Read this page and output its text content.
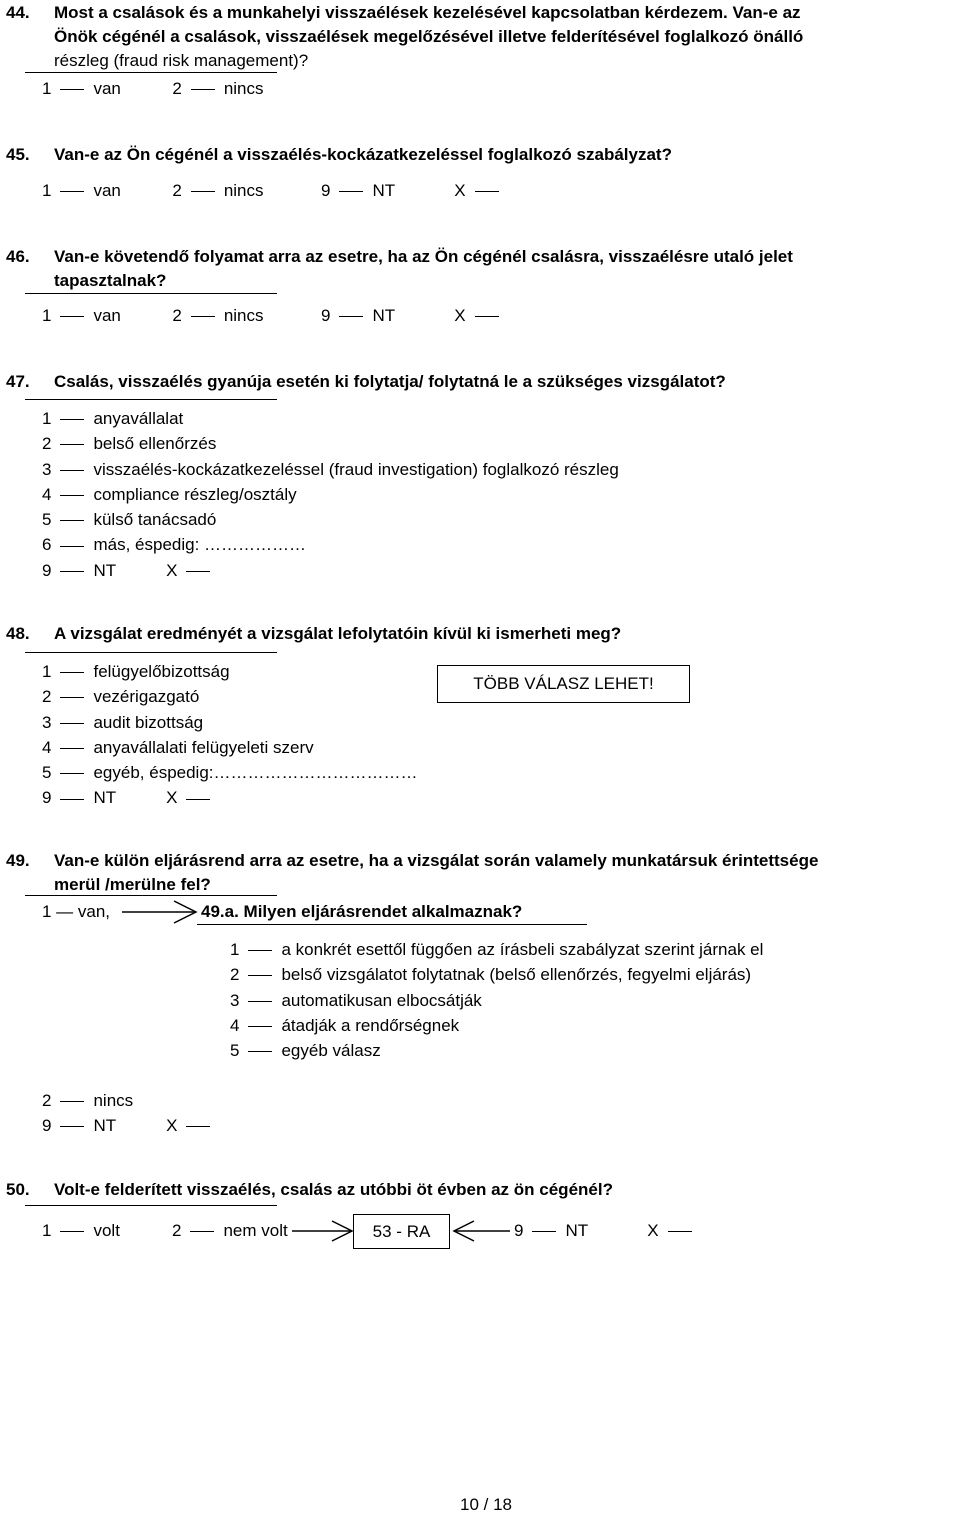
44. Most a csalások és a munkahelyi visszaélések kezelésével kapcsolatban kérdezem. Van-e az
Önök cégénél a csalások, visszaélések megelőzésével illetve felderítésével foglalkozó önálló
részleg (fraud risk management)?
1 van	2 nincs
45. Van-e az Ön cégénél a visszaélés-kockázatkezeléssel foglalkozó szabályzat?
1 van	2 nincs	9 NT	X
46. Van-e követendő folyamat arra az esetre, ha az Ön cégénél csalásra, visszaélésre utaló jelet
tapasztalnak?
1 van	2 nincs	9 NT	X
47. Csalás, visszaélés gyanúja esetén ki folytatja/ folytatná le a szükséges vizsgálatot?
1 anyavállalat
2 belső ellenőrzés
3 visszaélés-kockázatkezeléssel (fraud investigation) foglalkozó részleg
4 compliance részleg/osztály
5 külső tanácsadó
6 más, éspedig: ………………
9 NT	X
48. A vizsgálat eredményét a vizsgálat lefolytatóin kívül ki ismerheti meg?
TÖBB VÁLASZ LEHET!
1 felügyelőbizottság
2 vezérigazgató
3 audit bizottság
4 anyavállalati felügyeleti szerv
5 egyéb, éspedig:………………………………
9 NT	X
49. Van-e külön eljárásrend arra az esetre, ha a vizsgálat során valamely munkatársuk érintettsége
merül /merülne fel?
1 — van,	49.a. Milyen eljárásrendet alkalmaznak?
1 a konkrét esettől függően az írásbeli szabályzat szerint járnak el
2 belső vizsgálatot folytatnak (belső ellenőrzés, fegyelmi eljárás)
3 automatikusan elbocsátják
4 átadják a rendőrségnek
5 egyéb válasz
2 nincs
9 NT	X
50. Volt-e felderített visszaélés, csalás az utóbbi öt évben az ön cégénél?
1 volt	2 nem volt	53 - RA	9 NT	X
10 / 18
